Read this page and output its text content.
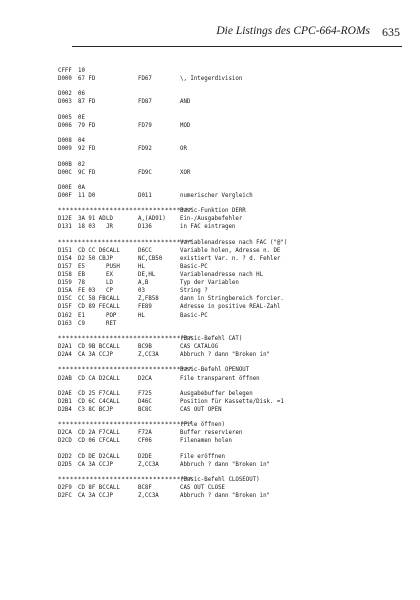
Die Listings des CPC-664-ROMs 635
CFFF 10
D000 67 FD	FD67	\, Integerdivision
D002 06
D003 87 FD	FD87	AND
D005 0E
D006 79 FD	FD79	MOD
D008 04
D009 92 FD	FD92	OR
D00B 02
D00C 9C FD	FD9C	XOR
D00E 0A
D00F 11 D0	D011	numerischer Vergleich
**********************************
Basic-Funktion DERR
D12E 3A 91 AD LD	A,(AD91) Ein-/Ausgabefehler
D131 18 03 JR	D136	in FAC eintragen
**********************************
Variablenadresse nach FAC ("@")
D151 CD CC D6 CALL	D6CC	Variable holen, Adresse n. DE
D154 D2 50 CB JP	NC,CB50	existiert Var. n. ? d. Fehler
D157 E5	PUSH	HL	Basic-PC
D158 EB	EX	DE,HL	Variablenadresse nach HL
D159 78	LD	A,B	Typ der Variablen
D15A FE 03 CP	03	String ?
D15C CC 58 FB CALL	Z,FB58	dann in Stringbereich forcier.
D15F CD 89 FE CALL	FE89	Adresse in positive REAL-Zahl
D162 E1	POP	HL	Basic-PC
D163 C9	RET
**********************************
(Basic-Befehl CAT)
D2A1 CD 9B BC CALL	BC9B	CAS CATALOG
D2A4 CA 3A CC JP	Z,CC3A	Abbruch ? dann "Broken in"
**********************************
Basic-Befehl OPENOUT
D2AB CD CA D2 CALL	D2CA	File transparent öffnen
D2AE CD 25 F7 CALL	F725	Ausgabebuffer belegen
D2B1 CD 6C C4 CALL	D46C	Position für Kassette/Disk. =1
D2B4 C3 8C BC JP	BC8C	CAS OUT OPEN
**********************************
(File öffnen)
D2CA CD 2A F7 CALL	F72A	Buffer reservieren
D2CD CD 06 CF CALL	CF06	Filenamen holen
D2D2 CD DE D2 CALL	D2DE	File eröffnen
D2D5 CA 3A CC JP	Z,CC3A	Abbruch ? dann "Broken in"
**********************************
(Basic-Befehl CLOSEOUT)
D2F9 CD 8F BC CALL	BC8F	CAS OUT CLOSE
D2FC CA 3A CC JP	Z,CC3A	Abbruch ? dann "Broken in"
